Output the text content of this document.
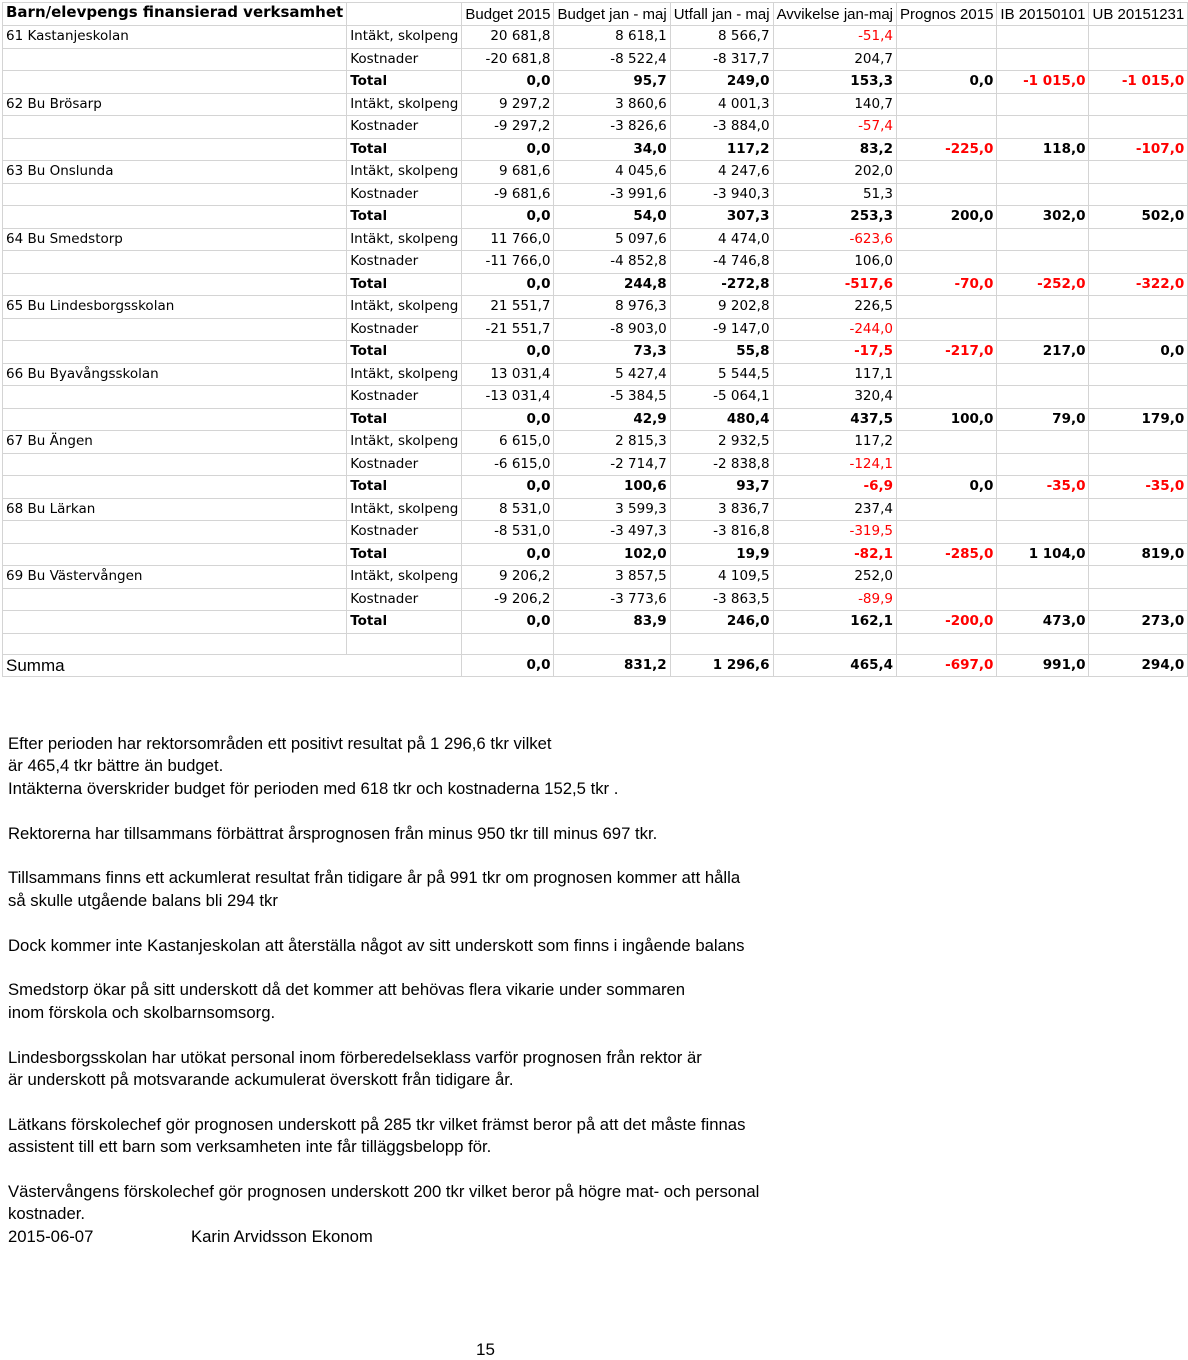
Barn/elevpengs finansierad verksamhet		Budget 2015	Budget jan - maj	Utfall jan - maj	Avvikelse jan-maj	Prognos 2015	IB 20150101	UB 20151231
61 Kastanjeskolan	Intäkt, skolpeng	20 681,8	8 618,1	8 566,7	-51,4			
	Kostnader	-20 681,8	-8 522,4	-8 317,7	204,7			
	Total	0,0	95,7	249,0	153,3	0,0	-1 015,0	-1 015,0
62 Bu Brösarp	Intäkt, skolpeng	9 297,2	3 860,6	4 001,3	140,7			
	Kostnader	-9 297,2	-3 826,6	-3 884,0	-57,4			
	Total	0,0	34,0	117,2	83,2	-225,0	118,0	-107,0
63 Bu Onslunda	Intäkt, skolpeng	9 681,6	4 045,6	4 247,6	202,0			
	Kostnader	-9 681,6	-3 991,6	-3 940,3	51,3			
	Total	0,0	54,0	307,3	253,3	200,0	302,0	502,0
64 Bu Smedstorp	Intäkt, skolpeng	11 766,0	5 097,6	4 474,0	-623,6			
	Kostnader	-11 766,0	-4 852,8	-4 746,8	106,0			
	Total	0,0	244,8	-272,8	-517,6	-70,0	-252,0	-322,0
65 Bu Lindesborgsskolan	Intäkt, skolpeng	21 551,7	8 976,3	9 202,8	226,5			
	Kostnader	-21 551,7	-8 903,0	-9 147,0	-244,0			
	Total	0,0	73,3	55,8	-17,5	-217,0	217,0	0,0
66 Bu Byavångsskolan	Intäkt, skolpeng	13 031,4	5 427,4	5 544,5	117,1			
	Kostnader	-13 031,4	-5 384,5	-5 064,1	320,4			
	Total	0,0	42,9	480,4	437,5	100,0	79,0	179,0
67 Bu Ängen	Intäkt, skolpeng	6 615,0	2 815,3	2 932,5	117,2			
	Kostnader	-6 615,0	-2 714,7	-2 838,8	-124,1			
	Total	0,0	100,6	93,7	-6,9	0,0	-35,0	-35,0
68 Bu Lärkan	Intäkt, skolpeng	8 531,0	3 599,3	3 836,7	237,4			
	Kostnader	-8 531,0	-3 497,3	-3 816,8	-319,5			
	Total	0,0	102,0	19,9	-82,1	-285,0	1 104,0	819,0
69 Bu Västervången	Intäkt, skolpeng	9 206,2	3 857,5	4 109,5	252,0			
	Kostnader	-9 206,2	-3 773,6	-3 863,5	-89,9			
	Total	0,0	83,9	246,0	162,1	-200,0	473,0	273,0

Summa		0,0	831,2	1 296,6	465,4	-697,0	991,0	294,0

Efter perioden har rektorsområden ett positivt resultat på 1 296,6 tkr vilket

är 465,4 tkr bättre än budget.

Intäkterna överskrider budget för perioden med 618 tkr och kostnaderna 152,5 tkr .

Rektorerna har tillsammans förbättrat årsprognosen från minus 950 tkr till minus 697 tkr.

Tillsammans finns ett ackumlerat resultat från tidigare år på 991 tkr om prognosen kommer att hålla

så skulle utgående balans bli 294 tkr

Dock kommer inte Kastanjeskolan att återställa något av sitt underskott som finns i ingående balans

Smedstorp ökar på sitt underskott då det kommer att behövas flera vikarie under sommaren

inom förskola och skolbarnsomsorg.

Lindesborgsskolan har utökat personal inom förberedelseklass varför prognosen från rektor är

är underskott på motsvarande ackumulerat överskott från tidigare år.

Lätkans förskolechef gör prognosen underskott på 285 tkr vilket främst beror på att det måste finnas

assistent till ett barn som verksamheten inte får tilläggsbelopp för.

Västervångens förskolechef gör prognosen underskott 200 tkr vilket beror på högre mat- och personal

kostnader.

2015-06-07	Karin Arvidsson Ekonom

15
